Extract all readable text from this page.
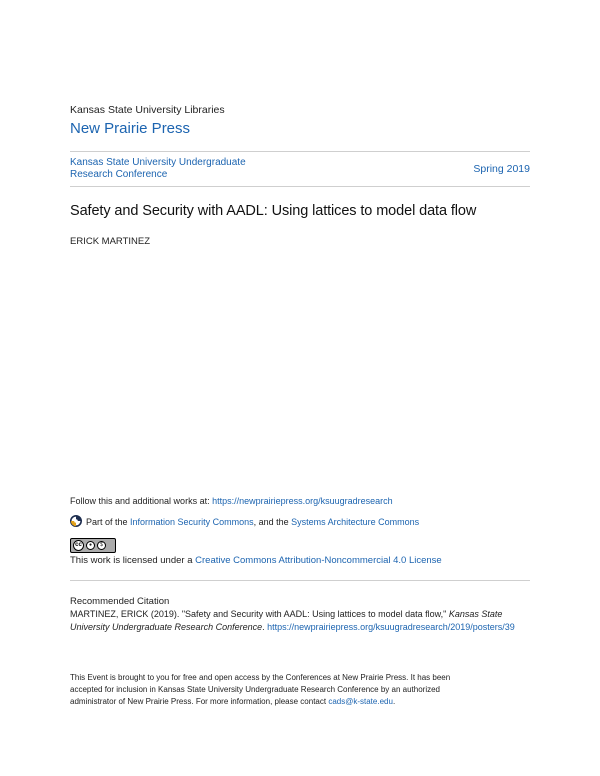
Kansas State University Libraries
New Prairie Press
Kansas State University Undergraduate
Research Conference	Spring 2019
Safety and Security with AADL: Using lattices to model data flow
ERICK MARTINEZ
Follow this and additional works at: https://newprairiepress.org/ksuugradresearch
Part of the Information Security Commons, and the Systems Architecture Commons
cc	●	$
This work is licensed under a Creative Commons Attribution-Noncommercial 4.0 License
Recommended Citation
MARTINEZ, ERICK (2019). "Safety and Security with AADL: Using lattices to model data flow," Kansas State University Undergraduate Research Conference. https://newprairiepress.org/ksuugradresearch/2019/posters/39
This Event is brought to you for free and open access by the Conferences at New Prairie Press. It has been
accepted for inclusion in Kansas State University Undergraduate Research Conference by an authorized
administrator of New Prairie Press. For more information, please contact cads@k-state.edu.
